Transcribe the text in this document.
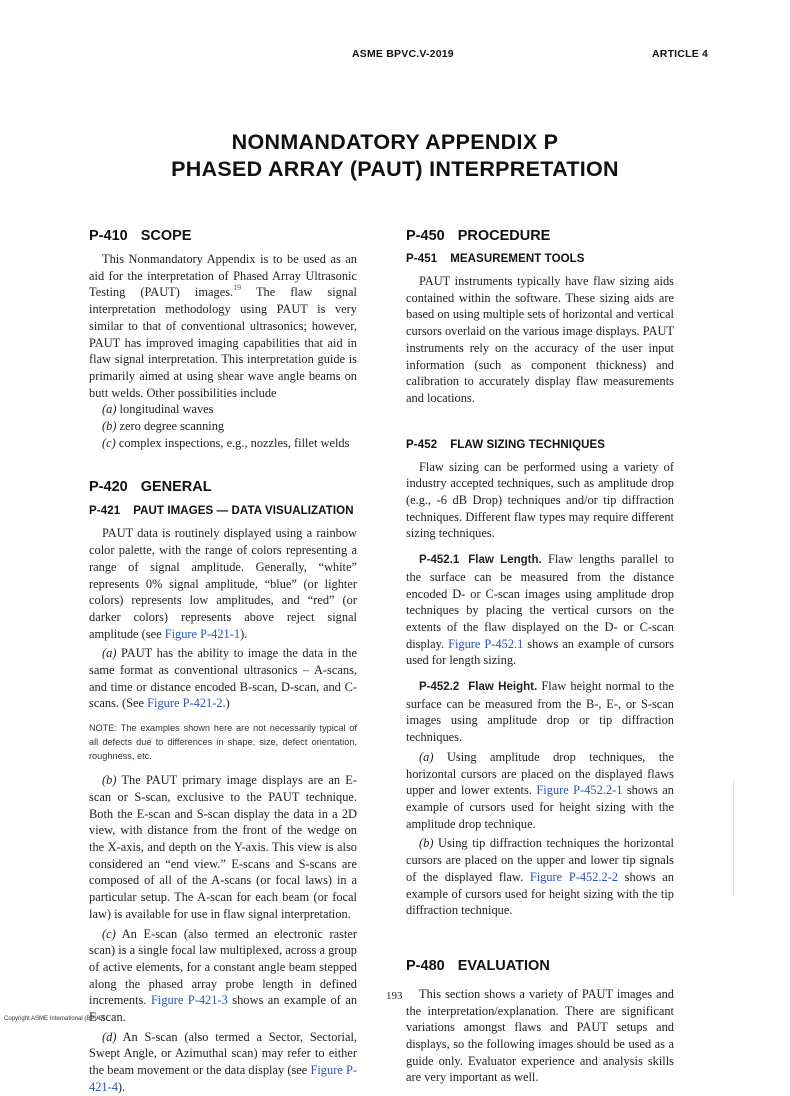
ASME BPVC.V-2019	ARTICLE 4
NONMANDATORY APPENDIX P
PHASED ARRAY (PAUT) INTERPRETATION
P-410 SCOPE

This Nonmandatory Appendix is to be used as an aid for the interpretation of Phased Array Ultrasonic Testing (PAUT) images.$^{19}$ The flaw signal interpretation methodology using PAUT is very similar to that of conventional ultrasonics; however, PAUT has improved imaging capabilities that aid in flaw signal interpretation. This interpretation guide is primarily aimed at using shear wave angle beams on butt welds. Other possibilities include

(a) longitudinal waves
(b) zero degree scanning
(c) complex inspections, e.g., nozzles, fillet welds
P-420 GENERAL
P-421 PAUT IMAGES — DATA VISUALIZATION

PAUT data is routinely displayed using a rainbow color palette, with the range of colors representing a range of signal amplitude. Generally, “white” represents 0% signal amplitude, “blue” (or lighter colors) represents low amplitudes, and “red” (or darker colors) represents above reject signal amplitude (see Figure P-421-1).

(a) PAUT has the ability to image the data in the same format as conventional ultrasonics – A-scans, and time or distance encoded B-scan, D-scan, and C-scans. (See Figure P-421-2.)

NOTE: The examples shown here are not necessarily typical of all defects due to differences in shape, size, defect orientation, roughness, etc.

(b) The PAUT primary image displays are an E-scan or S-scan, exclusive to the PAUT technique. Both the E-scan and S-scan display the data in a 2D view, with distance from the front of the wedge on the X-axis, and depth on the Y-axis. This view is also considered an “end view.” E-scans and S-scans are composed of all of the A-scans (or focal laws) in a particular setup. The A-scan for each beam (or focal law) is available for use in flaw signal interpretation.

(c) An E-scan (also termed an electronic raster scan) is a single focal law multiplexed, across a group of active elements, for a constant angle beam stepped along the phased array probe length in defined increments. Figure P-421-3 shows an example of an E-scan.

(d) An S-scan (also termed a Sector, Sectorial, Swept Angle, or Azimuthal scan) may refer to either the beam movement or the data display (see Figure P-421-4).

P-450 PROCEDURE
P-451 MEASUREMENT TOOLS

PAUT instruments typically have flaw sizing aids contained within the software. These sizing aids are based on using multiple sets of horizontal and vertical cursors overlaid on the various image displays. PAUT instruments rely on the accuracy of the user input information (such as component thickness) and calibration to accurately display flaw measurements and locations.

P-452 FLAW SIZING TECHNIQUES

Flaw sizing can be performed using a variety of industry accepted techniques, such as amplitude drop (e.g., -6 dB Drop) techniques and/or tip diffraction techniques. Different flaw types may require different sizing techniques.

P-452.1 Flaw Length. Flaw lengths parallel to the surface can be measured from the distance encoded D- or C-scan images using amplitude drop techniques by placing the vertical cursors on the extents of the flaw displayed on the D- or C-scan display. Figure P-452.1 shows an example of cursors used for length sizing.

P-452.2 Flaw Height. Flaw height normal to the surface can be measured from the B-, E-, or S-scan images using amplitude drop or tip diffraction techniques.

(a) Using amplitude drop techniques, the horizontal cursors are placed on the displayed flaws upper and lower extents. Figure P-452.2-1 shows an example of cursors used for height sizing with the amplitude drop technique.

(b) Using tip diffraction techniques the horizontal cursors are placed on the upper and lower tip signals of the displayed flaw. Figure P-452.2-2 shows an example of cursors used for height sizing with the tip diffraction technique.

P-480 EVALUATION

This section shows a variety of PAUT images and the interpretation/explanation. There are significant variations amongst flaws and PAUT setups and displays, so the following images should be used as a guide only. Evaluator experience and analysis skills are very important as well.

193
Copyright ASME International (BPVC)
